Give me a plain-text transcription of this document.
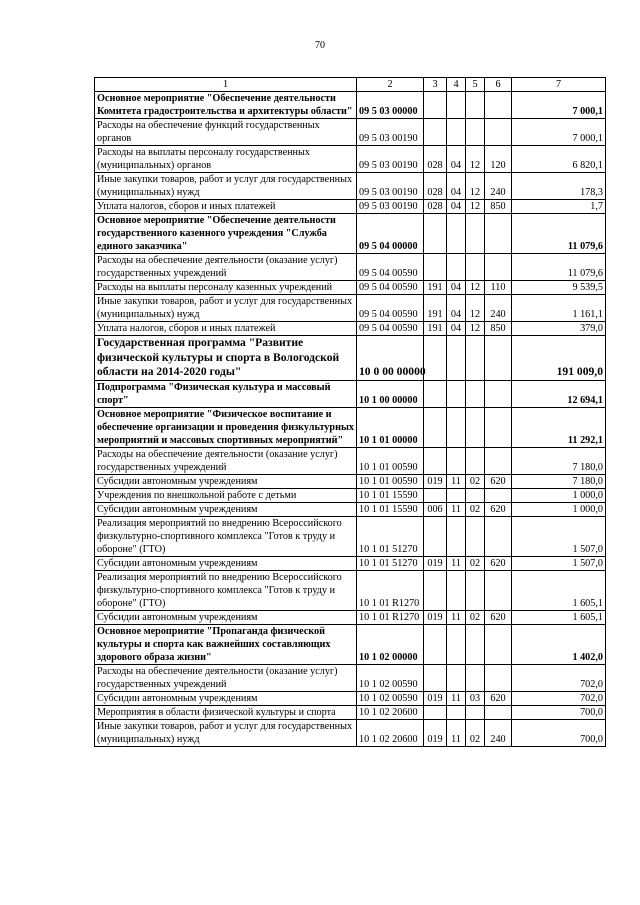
70
1	2	3	4	5	6	7
Основное мероприятие "Обеспечение деятельности Комитета градостроительства и архитектуры области"	09 5 03 00000					7 000,1
Расходы на обеспечение функций государственных органов	09 5 03 00190					7 000,1
Расходы на выплаты персоналу государственных (муниципальных) органов	09 5 03 00190	028	04	12	120	6 820,1
Иные закупки товаров, работ и услуг для государственных (муниципальных) нужд	09 5 03 00190	028	04	12	240	178,3
Уплата налогов, сборов и иных платежей	09 5 03 00190	028	04	12	850	1,7
Основное мероприятие "Обеспечение деятельности государственного казенного учреждения "Служба единого заказчика"	09 5 04 00000					11 079,6
Расходы на обеспечение деятельности (оказание услуг) государственных учреждений	09 5 04 00590					11 079,6
Расходы на выплаты персоналу казенных учреждений	09 5 04 00590	191	04	12	110	9 539,5
Иные закупки товаров, работ и услуг для государственных (муниципальных) нужд	09 5 04 00590	191	04	12	240	1 161,1
Уплата налогов, сборов и иных платежей	09 5 04 00590	191	04	12	850	379,0
Государственная программа "Развитие физической культуры и спорта в Вологодской области на 2014-2020 годы"	10 0 00 00000					191 009,0
Подпрограмма "Физическая культура и массовый спорт"	10 1 00 00000					12 694,1
Основное мероприятие "Физическое воспитание и обеспечение организации и проведения физкультурных мероприятий и массовых спортивных мероприятий"	10 1 01 00000					11 292,1
Расходы на обеспечение деятельности (оказание услуг) государственных учреждений	10 1 01 00590					7 180,0
Субсидии автономным учреждениям	10 1 01 00590	019	11	02	620	7 180,0
Учреждения по внешкольной работе с детьми	10 1 01 15590					1 000,0
Субсидии автономным учреждениям	10 1 01 15590	006	11	02	620	1 000,0
Реализация мероприятий по внедрению Всероссийского физкультурно-спортивного комплекса "Готов к труду и обороне" (ГТО)	10 1 01 51270					1 507,0
Субсидии автономным учреждениям	10 1 01 51270	019	11	02	620	1 507,0
Реализация мероприятий по внедрению Всероссийского физкультурно-спортивного комплекса "Готов к труду и обороне" (ГТО)	10 1 01 R1270					1 605,1
Субсидии автономным учреждениям	10 1 01 R1270	019	11	02	620	1 605,1
Основное мероприятие "Пропаганда физической культуры и спорта как важнейших составляющих здорового образа жизни"	10 1 02 00000					1 402,0
Расходы на обеспечение деятельности (оказание услуг) государственных учреждений	10 1 02 00590					702,0
Субсидии автономным учреждениям	10 1 02 00590	019	11	03	620	702,0
Мероприятия в области физической культуры и спорта	10 1 02 20600					700,0
Иные закупки товаров, работ и услуг для государственных (муниципальных) нужд	10 1 02 20600	019	11	02	240	700,0
